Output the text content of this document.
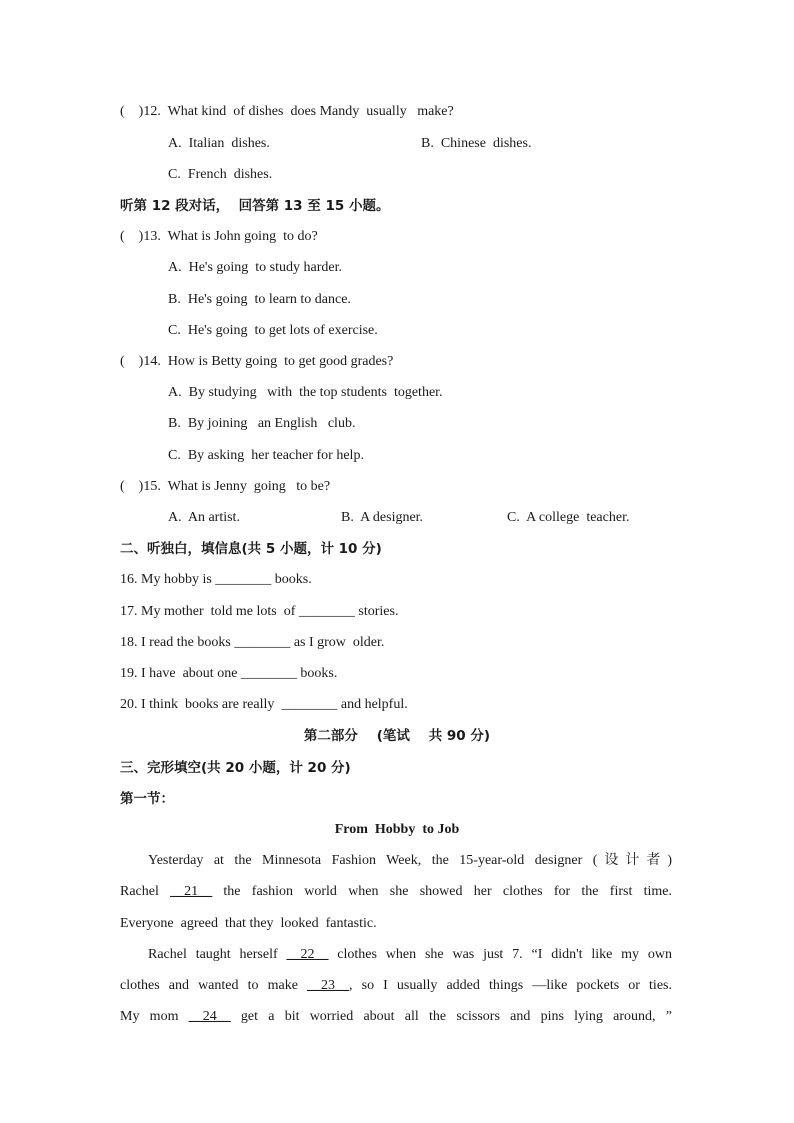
(    )12.  What kind  of dishes  does Mandy  usually   make?
A.  Italian  dishes.	B.  Chinese  dishes.
C.  French  dishes.
听第 12 段对话，  回答第 13 至 15 小题。
(    )13.  What is John going  to do?
A.  He's going  to study harder.
B.  He's going  to learn to dance.
C.  He's going  to get lots of exercise.
(    )14.  How is Betty going  to get good grades?
A.  By studying   with  the top students  together.
B.  By joining   an English   club.
C.  By asking  her teacher for help.
(    )15.  What is Jenny  going   to be?
A.  An artist.	B.  A designer.	C.  A college  teacher.
二、听独白，填信息(共 5 小题，计 10 分)
16. My hobby is ________ books.
17. My mother  told me lots  of ________ stories.
18. I read the books ________ as I grow  older.
19. I have  about one ________ books.
20. I think  books are really  ________ and helpful.
第二部分    (笔试    共 90 分)
三、完形填空(共 20 小题，计 20 分)
第一节：
From  Hobby  to Job
Yesterday at the Minnesota Fashion Week, the 15-year-old designer (设计者)
Rachel __21__ the fashion world when she showed her clothes for the first time.
Everyone  agreed  that they  looked  fantastic.
Rachel taught herself __22__ clothes when she was just 7. “I didn't like my own
clothes and wanted to make __23__, so I usually added things —like pockets or ties.
My mom __24__ get a bit worried about all the scissors and pins lying around, ”
